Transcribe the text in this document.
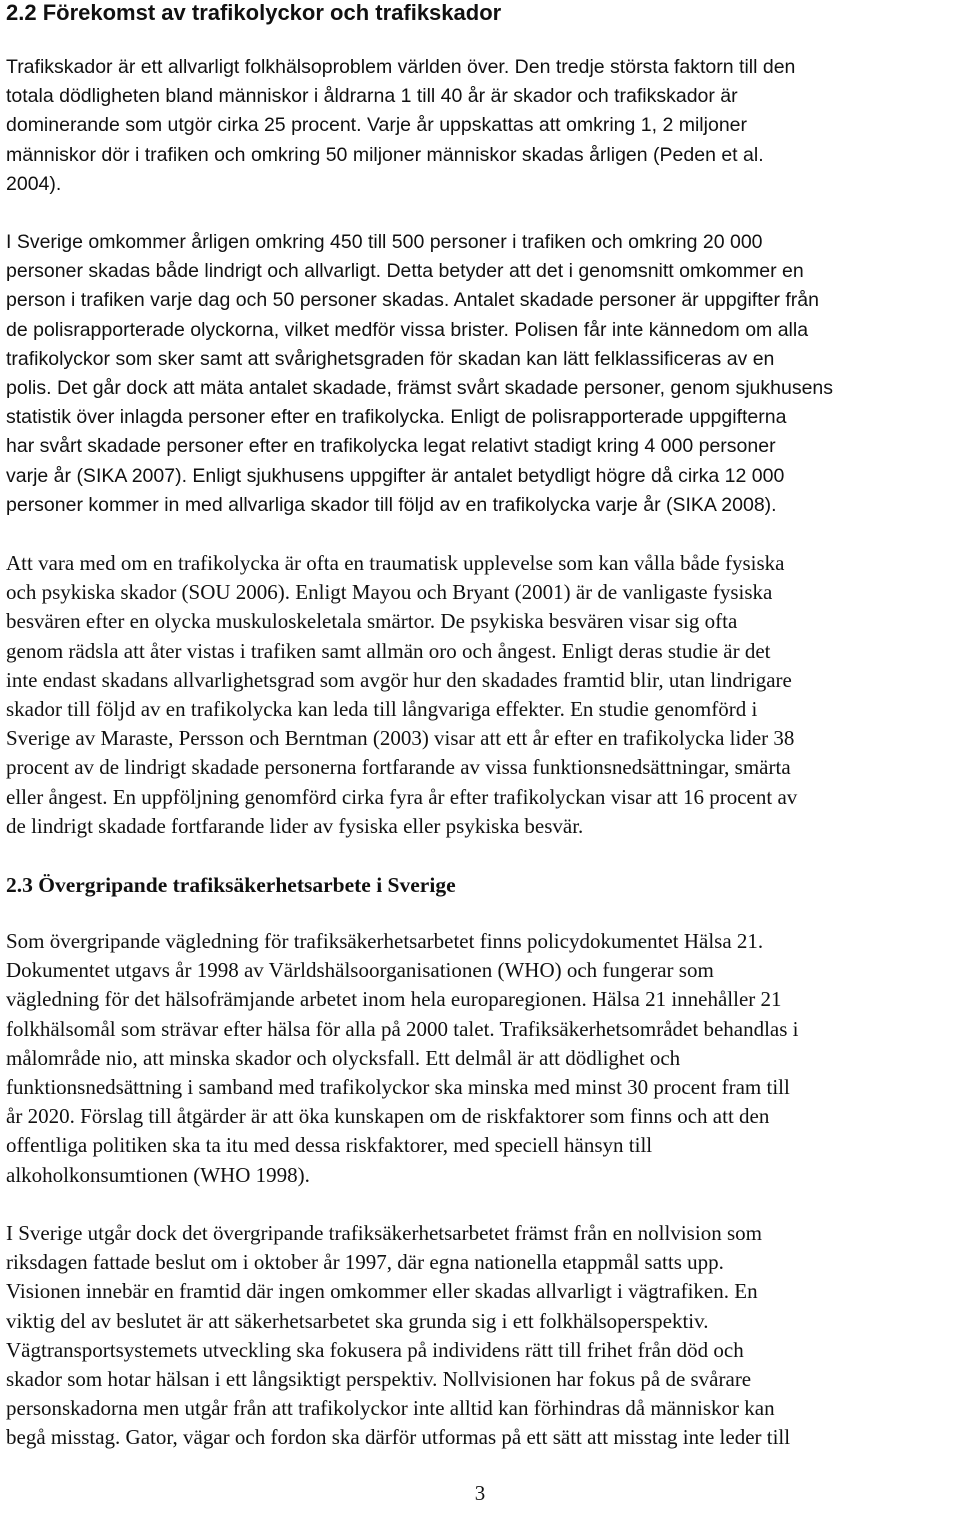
2.2 Förekomst av trafikolyckor och trafikskador
Trafikskador är ett allvarligt folkhälsoproblem världen över. Den tredje största faktorn till den
totala dödligheten bland människor i åldrarna 1 till 40 år är skador och trafikskador är
dominerande som utgör cirka 25 procent. Varje år uppskattas att omkring 1, 2 miljoner
människor dör i trafiken och omkring 50 miljoner människor skadas årligen (Peden et al.
2004).
I Sverige omkommer årligen omkring 450 till 500 personer i trafiken och omkring 20 000
personer skadas både lindrigt och allvarligt. Detta betyder att det i genomsnitt omkommer en
person i trafiken varje dag och 50 personer skadas. Antalet skadade personer är uppgifter från
de polisrapporterade olyckorna, vilket medför vissa brister. Polisen får inte kännedom om alla
trafikolyckor som sker samt att svårighetsgraden för skadan kan lätt felklassificeras av en
polis. Det går dock att mäta antalet skadade, främst svårt skadade personer, genom sjukhusens
statistik över inlagda personer efter en trafikolycka. Enligt de polisrapporterade uppgifterna
har svårt skadade personer efter en trafikolycka legat relativt stadigt kring 4 000 personer
varje år (SIKA 2007). Enligt sjukhusens uppgifter är antalet betydligt högre då cirka 12 000
personer kommer in med allvarliga skador till följd av en trafikolycka varje år (SIKA 2008).
Att vara med om en trafikolycka är ofta en traumatisk upplevelse som kan vålla både fysiska
och psykiska skador (SOU 2006). Enligt Mayou och Bryant (2001) är de vanligaste fysiska
besvären efter en olycka muskuloskeletala smärtor. De psykiska besvären visar sig ofta
genom rädsla att åter vistas i trafiken samt allmän oro och ångest. Enligt deras studie är det
inte endast skadans allvarlighetsgrad som avgör hur den skadades framtid blir, utan lindrigare
skador till följd av en trafikolycka kan leda till långvariga effekter. En studie genomförd i
Sverige av Maraste, Persson och Berntman (2003) visar att ett år efter en trafikolycka lider 38
procent av de lindrigt skadade personerna fortfarande av vissa funktionsnedsättningar, smärta
eller ångest. En uppföljning genomförd cirka fyra år efter trafikolyckan visar att 16 procent av
de lindrigt skadade fortfarande lider av fysiska eller psykiska besvär.
2.3 Övergripande trafiksäkerhetsarbete i Sverige
Som övergripande vägledning för trafiksäkerhetsarbetet finns policydokumentet Hälsa 21.
Dokumentet utgavs år 1998 av Världshälsoorganisationen (WHO) och fungerar som
vägledning för det hälsofrämjande arbetet inom hela europaregionen. Hälsa 21 innehåller 21
folkhälsomål som strävar efter hälsa för alla på 2000 talet. Trafiksäkerhetsområdet behandlas i
målområde nio, att minska skador och olycksfall. Ett delmål är att dödlighet och
funktionsnedsättning i samband med trafikolyckor ska minska med minst 30 procent fram till
år 2020. Förslag till åtgärder är att öka kunskapen om de riskfaktorer som finns och att den
offentliga politiken ska ta itu med dessa riskfaktorer, med speciell hänsyn till
alkoholkonsumtionen (WHO 1998).
I Sverige utgår dock det övergripande trafiksäkerhetsarbetet främst från en nollvision som
riksdagen fattade beslut om i oktober år 1997, där egna nationella etappmål satts upp.
Visionen innebär en framtid där ingen omkommer eller skadas allvarligt i vägtrafiken. En
viktig del av beslutet är att säkerhetsarbetet ska grunda sig i ett folkhälsoperspektiv.
Vägtransportsystemets utveckling ska fokusera på individens rätt till frihet från död och
skador som hotar hälsan i ett långsiktigt perspektiv. Nollvisionen har fokus på de svårare
personskadorna men utgår från att trafikolyckor inte alltid kan förhindras då människor kan
begå misstag. Gator, vägar och fordon ska därför utformas på ett sätt att misstag inte leder till
3
